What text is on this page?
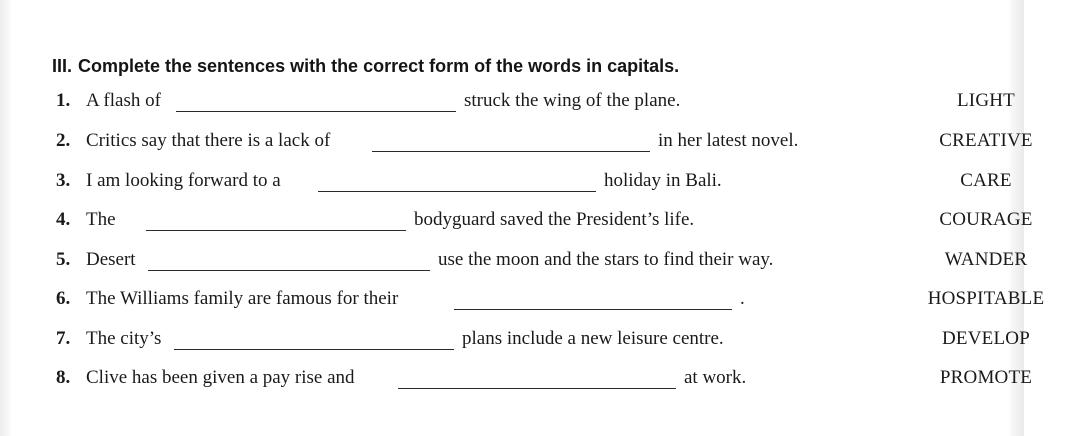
III. Complete the sentences with the correct form of the words in capitals.
1. A flash of	struck the wing of the plane.	LIGHT
2. Critics say that there is a lack of	in her latest novel.	CREATIVE
3. I am looking forward to a	holiday in Bali.	CARE
4. The	bodyguard saved the President’s life.	COURAGE
5. Desert	use the moon and the stars to find their way.	WANDER
6. The Williams family are famous for their	.	HOSPITABLE
7. The city’s	plans include a new leisure centre.	DEVELOP
8. Clive has been given a pay rise and	at work.	PROMOTE
